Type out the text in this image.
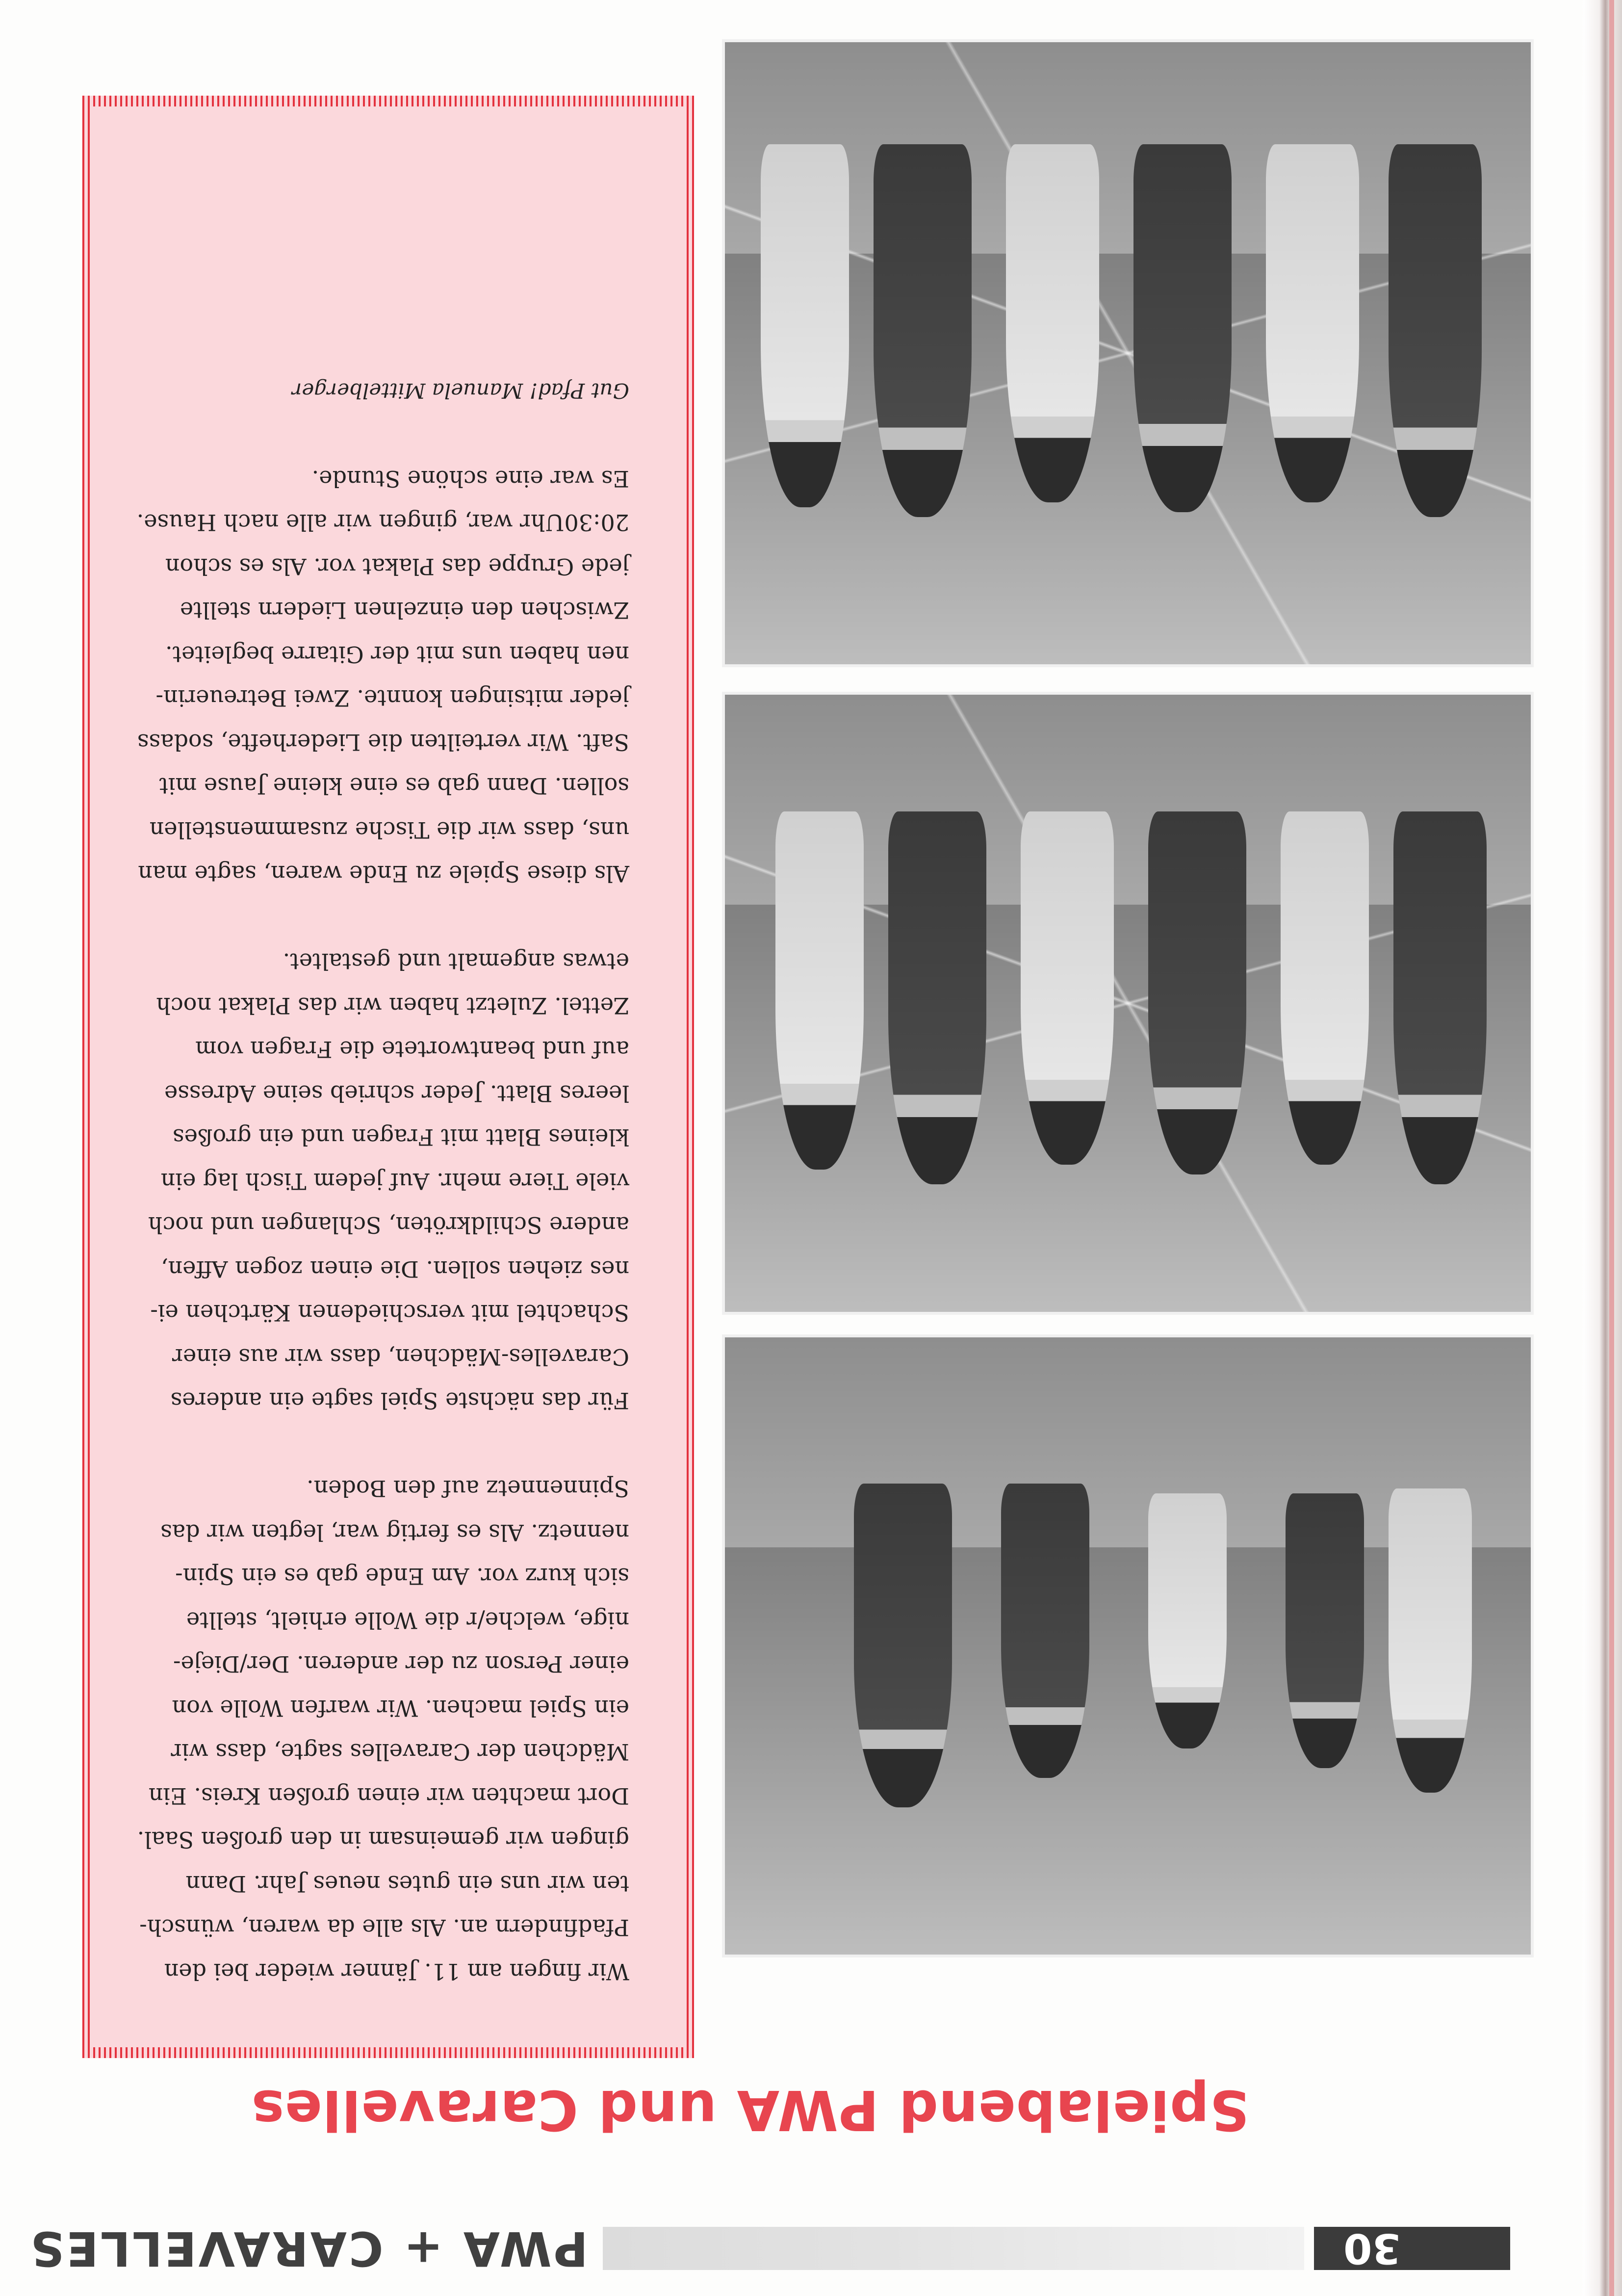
30
PWA + CARAVELLES
Spielabend PWA und Caravelles

Wir fingen am 11. Jänner wieder bei den
Pfadfindern an. Als alle da waren, wünsch-
ten wir uns ein gutes neues Jahr. Dann
gingen wir gemeinsam in den großen Saal.
Dort machten wir einen großen Kreis. Ein
Mädchen der Caravelles sagte, dass wir
ein Spiel machen. Wir warfen Wolle von
einer Person zu der anderen. Der/Dieje-
nige, welche/r die Wolle erhielt, stellte
sich kurz vor. Am Ende gab es ein Spin-
nennetz. Als es fertig war, legten wir das
Spinnennetz auf den Boden.

Für das nächste Spiel sagte ein anderes
Caravelles-Mädchen, dass wir aus einer
Schachtel mit verschiedenen Kärtchen ei-
nes ziehen sollen. Die einen zogen Affen,
andere Schildkröten, Schlangen und noch
viele Tiere mehr. Auf jedem Tisch lag ein
kleines Blatt mit Fragen und ein großes
leeres Blatt. Jeder schrieb seine Adresse
auf und beantwortete die Fragen vom
Zettel. Zuletzt haben wir das Plakat noch
etwas angemalt und gestaltet.

Als diese Spiele zu Ende waren, sagte man
uns, dass wir die Tische zusammenstellen
sollen. Dann gab es eine kleine Jause mit
Saft. Wir verteilten die Liederhefte, sodass
jeder mitsingen konnte. Zwei Betreuerin-
nen haben uns mit der Gitarre begleitet.
Zwischen den einzelnen Liedern stellte
jede Gruppe das Plakat vor. Als es schon
20:30Uhr war, gingen wir alle nach Hause.
Es war eine schöne Stunde.

Gut Pfad! Manuela Mittelberger
